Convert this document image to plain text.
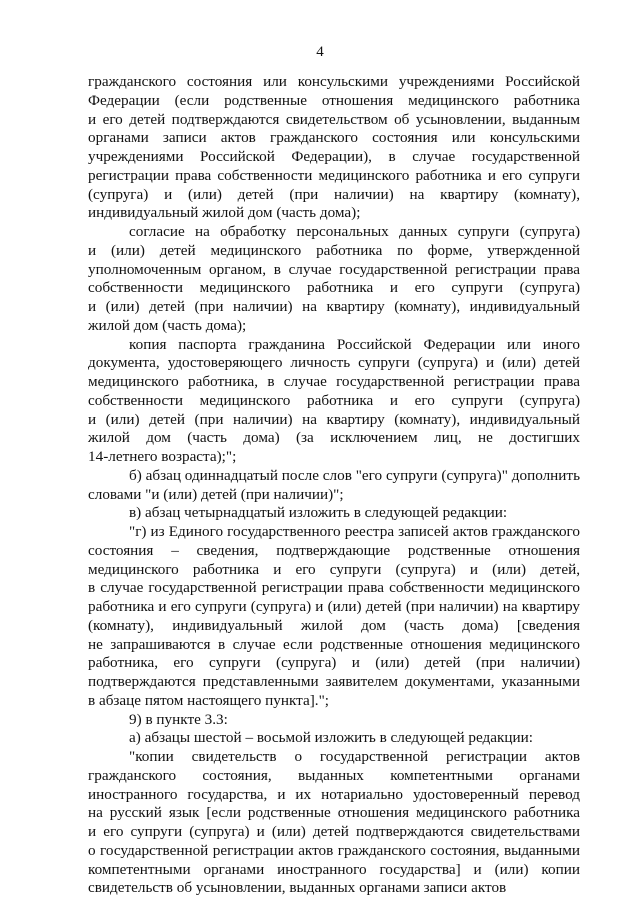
4

гражданского состояния или консульскими учреждениями Российской
Федерации (если родственные отношения медицинского работника
и его детей подтверждаются свидетельством об усыновлении, выданным
органами записи актов гражданского состояния или консульскими
учреждениями Российской Федерации), в случае государственной
регистрации права собственности медицинского работника и его супруги
(супруга) и (или) детей (при наличии) на квартиру (комнату),
индивидуальный жилой дом (часть дома);

согласие на обработку персональных данных супруги (супруга)
и (или) детей медицинского работника по форме, утвержденной
уполномоченным органом, в случае государственной регистрации права
собственности медицинского работника и его супруги (супруга)
и (или) детей (при наличии) на квартиру (комнату), индивидуальный
жилой дом (часть дома);

копия паспорта гражданина Российской Федерации или иного
документа, удостоверяющего личность супруги (супруга) и (или) детей
медицинского работника, в случае государственной регистрации права
собственности медицинского работника и его супруги (супруга)
и (или) детей (при наличии) на квартиру (комнату), индивидуальный
жилой дом (часть дома) (за исключением лиц, не достигших
14-летнего возраста);";

б) абзац одиннадцатый после слов "его супруги (супруга)" дополнить
словами "и (или) детей (при наличии)";

в) абзац четырнадцатый изложить в следующей редакции:

"г) из Единого государственного реестра записей актов гражданского
состояния – сведения, подтверждающие родственные отношения
медицинского работника и его супруги (супруга) и (или) детей,
в случае государственной регистрации права собственности медицинского
работника и его супруги (супруга) и (или) детей (при наличии) на квартиру
(комнату), индивидуальный жилой дом (часть дома) [сведения
не запрашиваются в случае если родственные отношения медицинского
работника, его супруги (супруга) и (или) детей (при наличии)
подтверждаются представленными заявителем документами, указанными
в абзаце пятом настоящего пункта].";

9) в пункте 3.3:

а) абзацы шестой – восьмой изложить в следующей редакции:

"копии свидетельств о государственной регистрации актов
гражданского состояния, выданных компетентными органами
иностранного государства, и их нотариально удостоверенный перевод
на русский язык [если родственные отношения медицинского работника
и его супруги (супруга) и (или) детей подтверждаются свидетельствами
о государственной регистрации актов гражданского состояния, выданными
компетентными органами иностранного государства] и (или) копии
свидетельств об усыновлении, выданных органами записи актов
